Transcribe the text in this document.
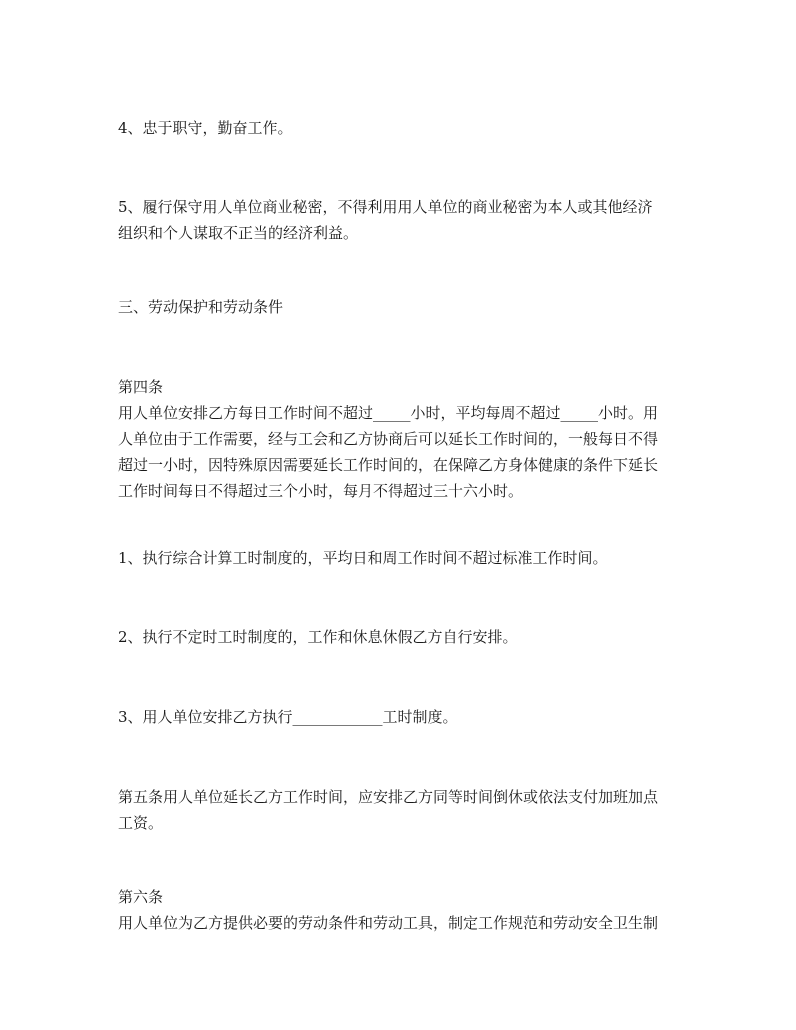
4、忠于职守，勤奋工作。

5、履行保守用人单位商业秘密，不得利用用人单位的商业秘密为本人或其他经济
组织和个人谋取不正当的经济利益。

三、劳动保护和劳动条件

第四条
用人单位安排乙方每日工作时间不超过_____小时，平均每周不超过_____小时。用
人单位由于工作需要，经与工会和乙方协商后可以延长工作时间的，一般每日不得
超过一小时，因特殊原因需要延长工作时间的，在保障乙方身体健康的条件下延长
工作时间每日不得超过三个小时，每月不得超过三十六小时。

1、执行综合计算工时制度的，平均日和周工作时间不超过标准工作时间。

2、执行不定时工时制度的，工作和休息休假乙方自行安排。

3、用人单位安排乙方执行____________工时制度。

第五条用人单位延长乙方工作时间，应安排乙方同等时间倒休或依法支付加班加点
工资。

第六条
用人单位为乙方提供必要的劳动条件和劳动工具，制定工作规范和劳动安全卫生制
